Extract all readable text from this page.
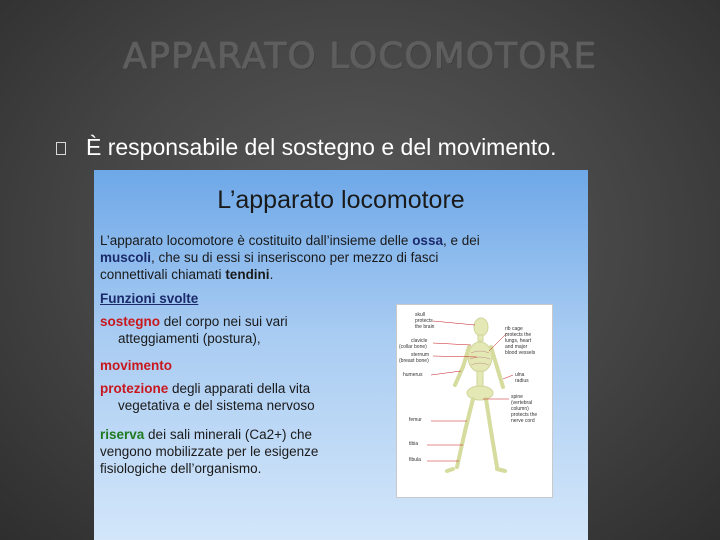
APPARATO LOCOMOTORE
È responsabile del sostegno e del movimento.
L’apparato locomotore
L’apparato locomotore è costituito dall’insieme delle ossa, e dei
muscoli, che su di essi si inseriscono per mezzo di fasci
connettivali chiamati tendini.
Funzioni svolte
sostegno del corpo nei sui vari
atteggiamenti (postura),
movimento
protezione degli apparati della vita
vegetativa e del sistema nervoso
riserva dei sali minerali (Ca2+) che
vengono mobilizzate per le esigenze
fisiologiche dell’organismo.
skull
protects
the brain
clavicle
(collar bone)
sternum
(breast bone)
humerus
femur
tibia
fibula
rib cage
protects the
lungs, heart
and major
blood vessels
ulna
radius
spine
(vertebral
column)
protects the
nerve cord
